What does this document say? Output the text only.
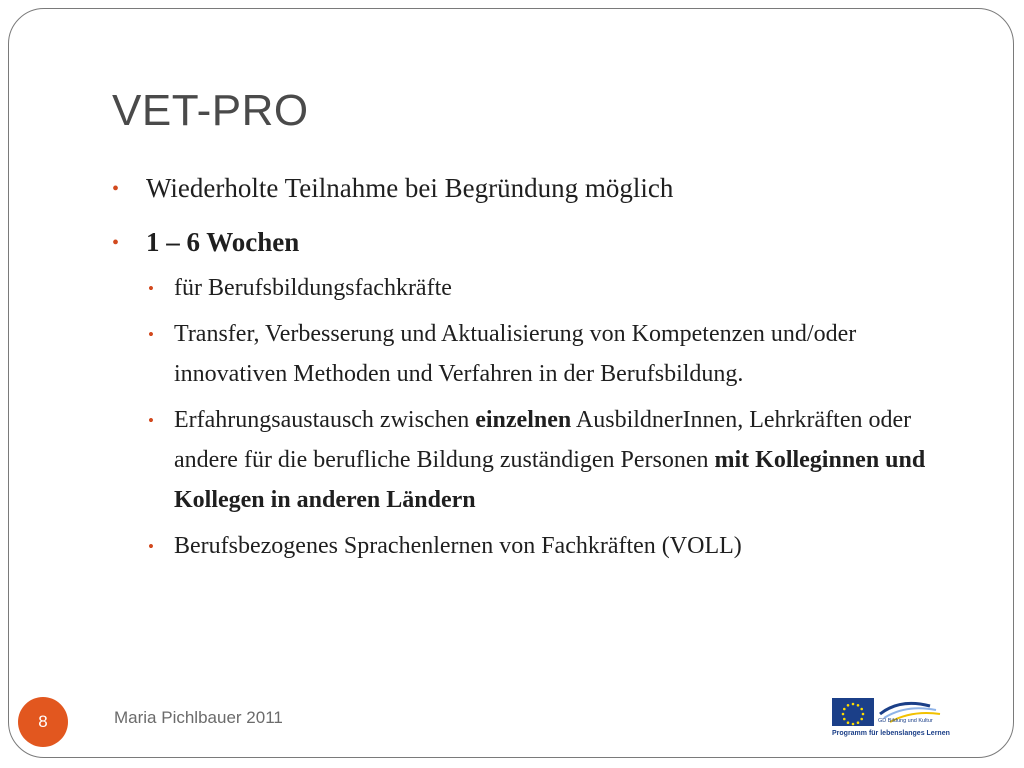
VET-PRO
• Wiederholte Teilnahme bei Begründung möglich
• 1 – 6 Wochen
• für Berufsbildungsfachkräfte
• Transfer, Verbesserung und Aktualisierung von Kompetenzen und/oder innovativen Methoden und Verfahren in der Berufsbildung.
• Erfahrungsaustausch zwischen einzelnen AusbildnerInnen, Lehrkräften oder andere für die berufliche Bildung zuständigen Personen mit Kolleginnen und Kollegen in anderen Ländern
• Berufsbezogenes Sprachenlernen von Fachkräften (VOLL)
8	Maria Pichlbauer 2011	GD Bildung und Kultur
Programm für lebenslanges Lernen
